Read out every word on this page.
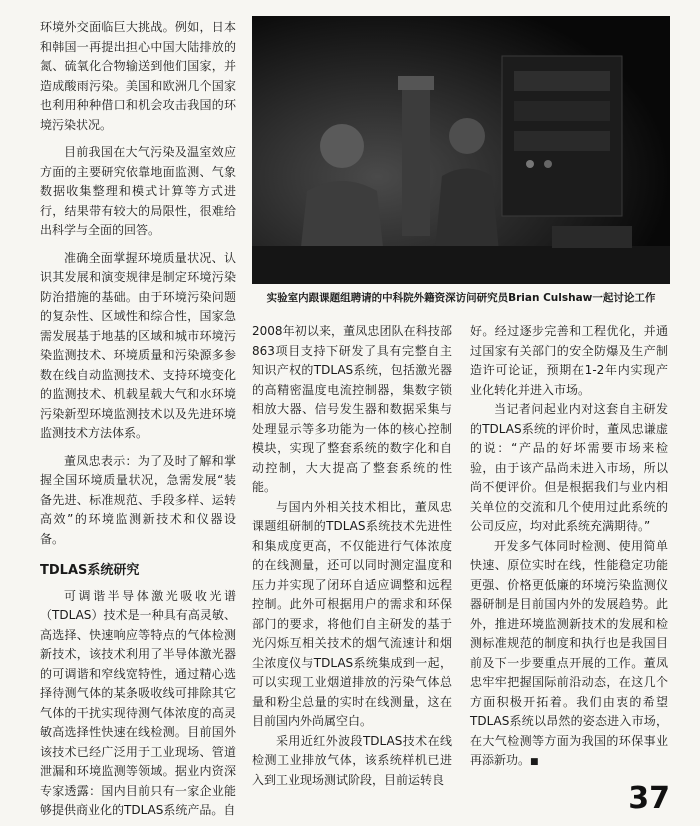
实验室内跟课题组聘请的中科院外籍资深访问研究员Brian Culshaw一起讨论工作

环境外交面临巨大挑战。例如，日本和韩国一再提出担心中国大陆排放的氮、硫氧化合物输送到他们国家，并造成酸雨污染。美国和欧洲几个国家也利用种种借口和机会攻击我国的环境污染状况。

目前我国在大气污染及温室效应方面的主要研究依靠地面监测、气象数据收集整理和模式计算等方式进行，结果带有较大的局限性，很难给出科学与全面的回答。

准确全面掌握环境质量状况、认识其发展和演变规律是制定环境污染防治措施的基础。由于环境污染问题的复杂性、区域性和综合性，国家急需发展基于地基的区域和城市环境污染监测技术、环境质量和污染源多参数在线自动监测技术、支持环境变化的监测技术、机载星载大气和水环境污染新型环境监测技术以及先进环境监测技术方法体系。

董凤忠表示：为了及时了解和掌握全国环境质量状况，急需发展“装备先进、标准规范、手段多样、运转高效”的环境监测新技术和仪器设备。

TDLAS系统研究

可调谐半导体激光吸收光谱（TDLAS）技术是一种具有高灵敏、高选择、快速响应等特点的气体检测新技术，该技术利用了半导体激光器的可调谐和窄线宽特性，通过精心选择待测气体的某条吸收线可排除其它气体的干扰实现待测气体浓度的高灵敏高选择性快速在线检测。目前国外该技术已经广泛用于工业现场、管道泄漏和环境监测等领域。据业内资深专家透露：国内目前只有一家企业能够提供商业化的TDLAS系统产品。自

2008年初以来，董凤忠团队在科技部863项目支持下研发了具有完整自主知识产权的TDLAS系统，包括激光器的高精密温度电流控制器，集数字锁相放大器、信号发生器和数据采集与处理显示等多功能为一体的核心控制模块，实现了整套系统的数字化和自动控制，大大提高了整套系统的性能。

与国内外相关技术相比，董凤忠课题组研制的TDLAS系统技术先进性和集成度更高，不仅能进行气体浓度的在线测量，还可以同时测定温度和压力并实现了闭环自适应调整和远程控制。此外可根据用户的需求和环保部门的要求，将他们自主研发的基于光闪烁互相关技术的烟气流速计和烟尘浓度仪与TDLAS系统集成到一起，可以实现工业烟道排放的污染气体总量和粉尘总量的实时在线测量，这在目前国内外尚属空白。

采用近红外波段TDLAS技术在线检测工业排放气体，该系统样机已进入到工业现场测试阶段，目前运转良

好。经过逐步完善和工程优化，并通过国家有关部门的安全防爆及生产制造许可论证，预期在1-2年内实现产业化转化并进入市场。

当记者问起业内对这套自主研发的TDLAS系统的评价时，董凤忠谦虚的说：“产品的好坏需要市场来检验，由于该产品尚未进入市场，所以尚不便评价。但是根据我们与业内相关单位的交流和几个使用过此系统的公司反应，均对此系统充满期待。”

开发多气体同时检测、使用简单快速、原位实时在线，性能稳定功能更强、价格更低廉的环境污染监测仪器研制是目前国内外的发展趋势。此外，推进环境监测新技术的发展和检测标准规范的制度和执行也是我国目前及下一步要重点开展的工作。董凤忠牢牢把握国际前沿动态，在这几个方面积极开拓着。我们由衷的希望TDLAS系统以昂然的姿态进入市场，在大气检测等方面为我国的环保事业再添新功。■

37
